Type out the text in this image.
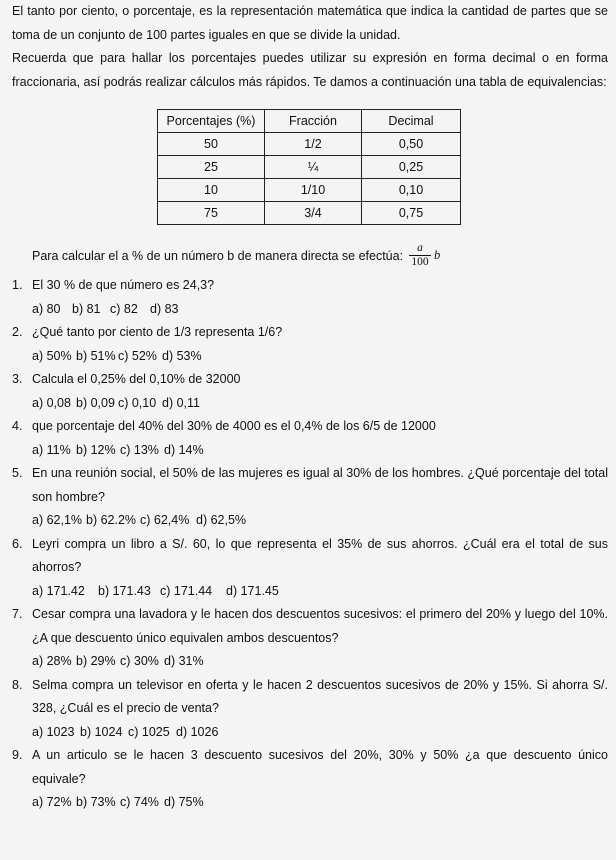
El tanto por ciento, o porcentaje, es la representación matemática que indica la cantidad de partes que se toma de un conjunto de 100 partes iguales en que se divide la unidad.

Recuerda que para hallar los porcentajes puedes utilizar su expresión en forma decimal o en forma fraccionaria, así podrás realizar cálculos más rápidos. Te damos a continuación una tabla de equivalencias:

Porcentajes (%)	Fracción	Decimal
50	1/2	0,50
25	¼	0,25
10	1/10	0,10
75	3/4	0,75
Para calcular el a % de un número b de manera directa se efectúa: $\frac{a}{100}$ b
1. El 30 % de que número es 24,3?
a) 80 b) 81 c) 82 d) 83
2. ¿Qué tanto por ciento de 1/3 representa 1/6?
a) 50% b) 51% c) 52% d) 53%
3. Calcula el 0,25% del 0,10% de 32000
a) 0,08 b) 0,09 c) 0,10 d) 0,11
4. que porcentaje del 40% del 30% de 4000 es el 0,4% de los 6/5 de 12000
a) 11% b) 12% c) 13% d) 14%
5. En una reunión social, el 50% de las mujeres es igual al 30% de los hombres. ¿Qué porcentaje del total son hombre?
a) 62,1% b) 62.2% c) 62,4% d) 62,5%
6. Leyri compra un libro a S/. 60, lo que representa el 35% de sus ahorros. ¿Cuál era el total de sus ahorros?
a) 171.42	b) 171.43 c) 171.44	d) 171.45
7. Cesar compra una lavadora y le hacen dos descuentos sucesivos: el primero del 20% y luego del 10%. ¿A que descuento único equivalen ambos descuentos?
a) 28% b) 29% c) 30% d) 31%
8. Selma compra un televisor en oferta y le hacen 2 descuentos sucesivos de 20% y 15%. Si ahorra S/. 328, ¿Cuál es el precio de venta?
a) 1023 b) 1024 c) 1025 d) 1026
9. A un articulo se le hacen 3 descuento sucesivos del 20%, 30% y 50% ¿a que descuento único equivale?
a) 72% b) 73% c) 74% d) 75%
